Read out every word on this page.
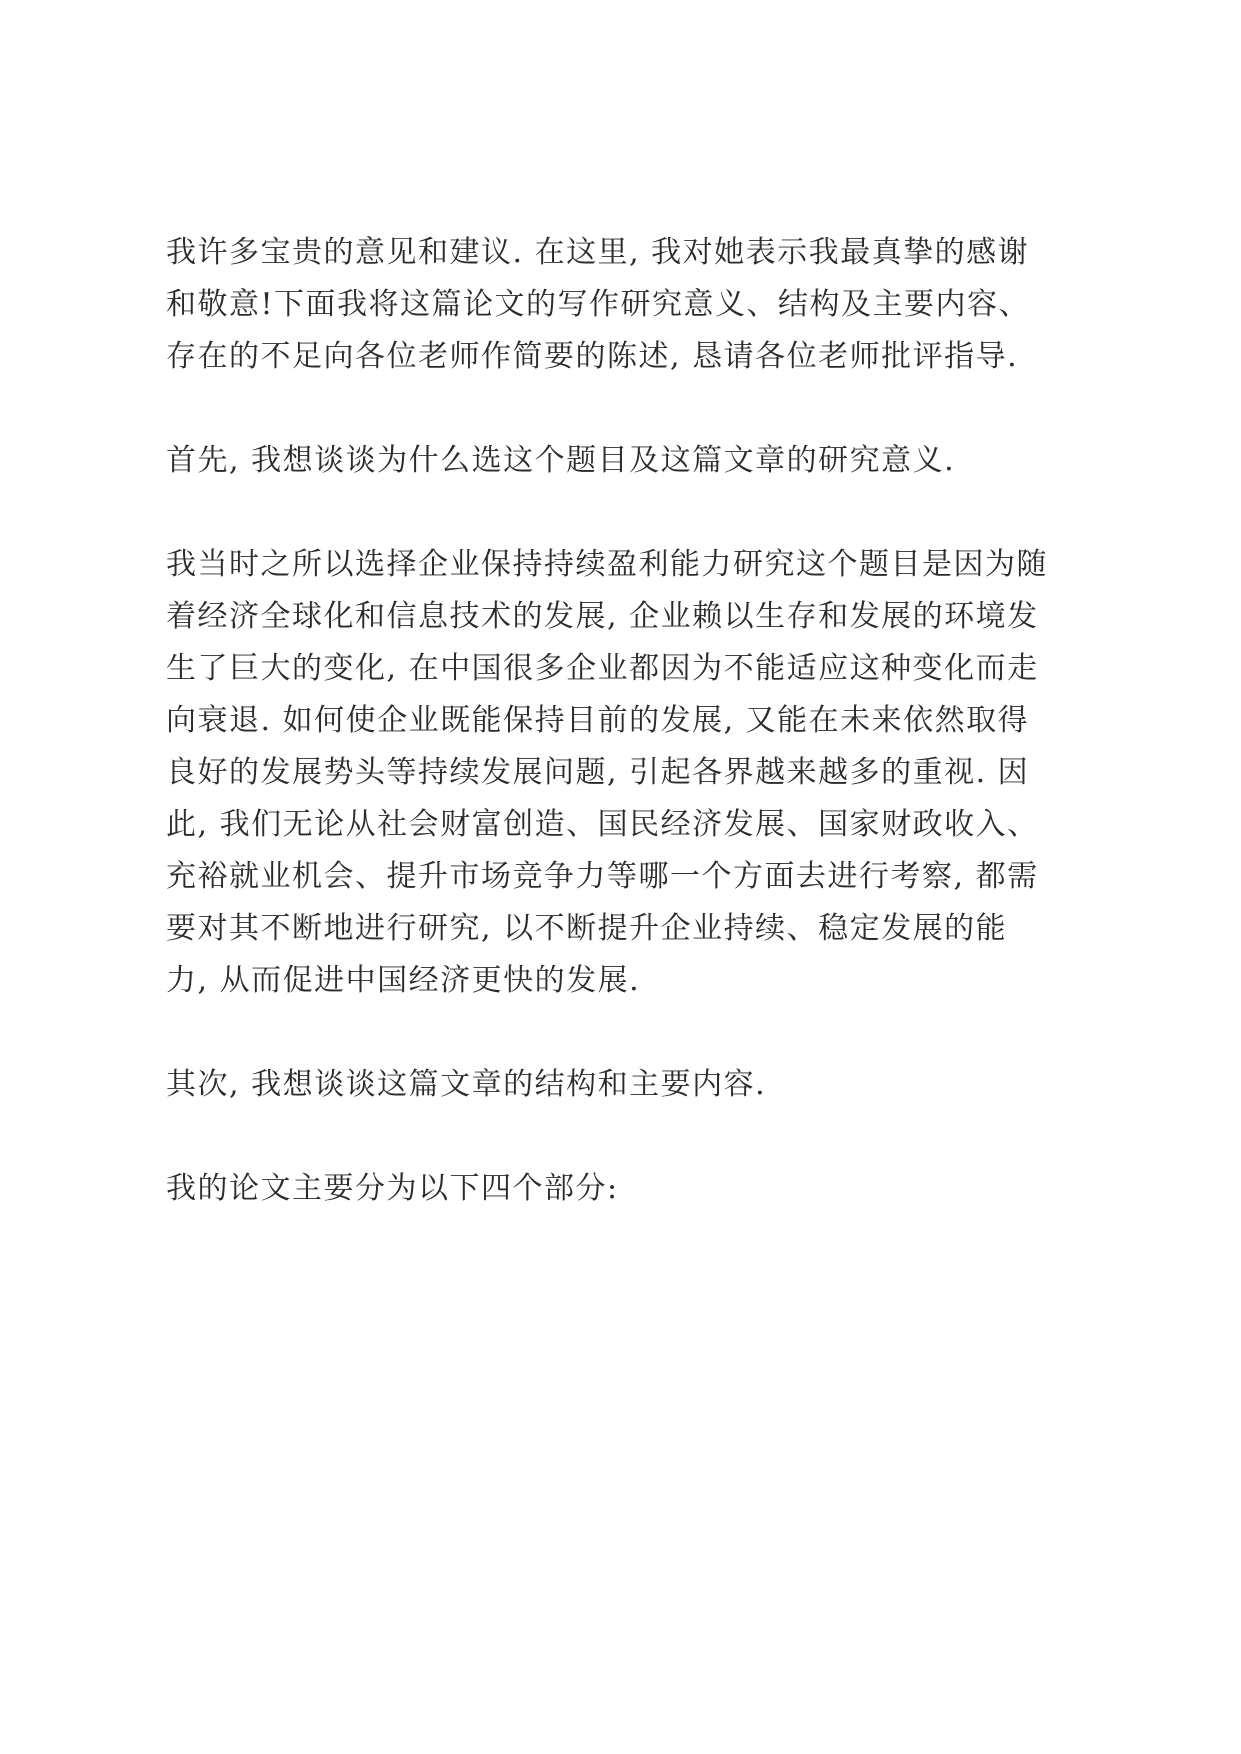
我许多宝贵的意见和建议. 在这里, 我对她表示我最真挚的感谢
和敬意!下面我将这篇论文的写作研究意义、结构及主要内容、
存在的不足向各位老师作简要的陈述, 恳请各位老师批评指导.
首先, 我想谈谈为什么选这个题目及这篇文章的研究意义.
我当时之所以选择企业保持持续盈利能力研究这个题目是因为随
着经济全球化和信息技术的发展, 企业赖以生存和发展的环境发
生了巨大的变化, 在中国很多企业都因为不能适应这种变化而走
向衰退. 如何使企业既能保持目前的发展, 又能在未来依然取得
良好的发展势头等持续发展问题, 引起各界越来越多的重视. 因
此, 我们无论从社会财富创造、国民经济发展、国家财政收入、
充裕就业机会、提升市场竞争力等哪一个方面去进行考察, 都需
要对其不断地进行研究, 以不断提升企业持续、稳定发展的能
力, 从而促进中国经济更快的发展.
其次, 我想谈谈这篇文章的结构和主要内容.
我的论文主要分为以下四个部分:
